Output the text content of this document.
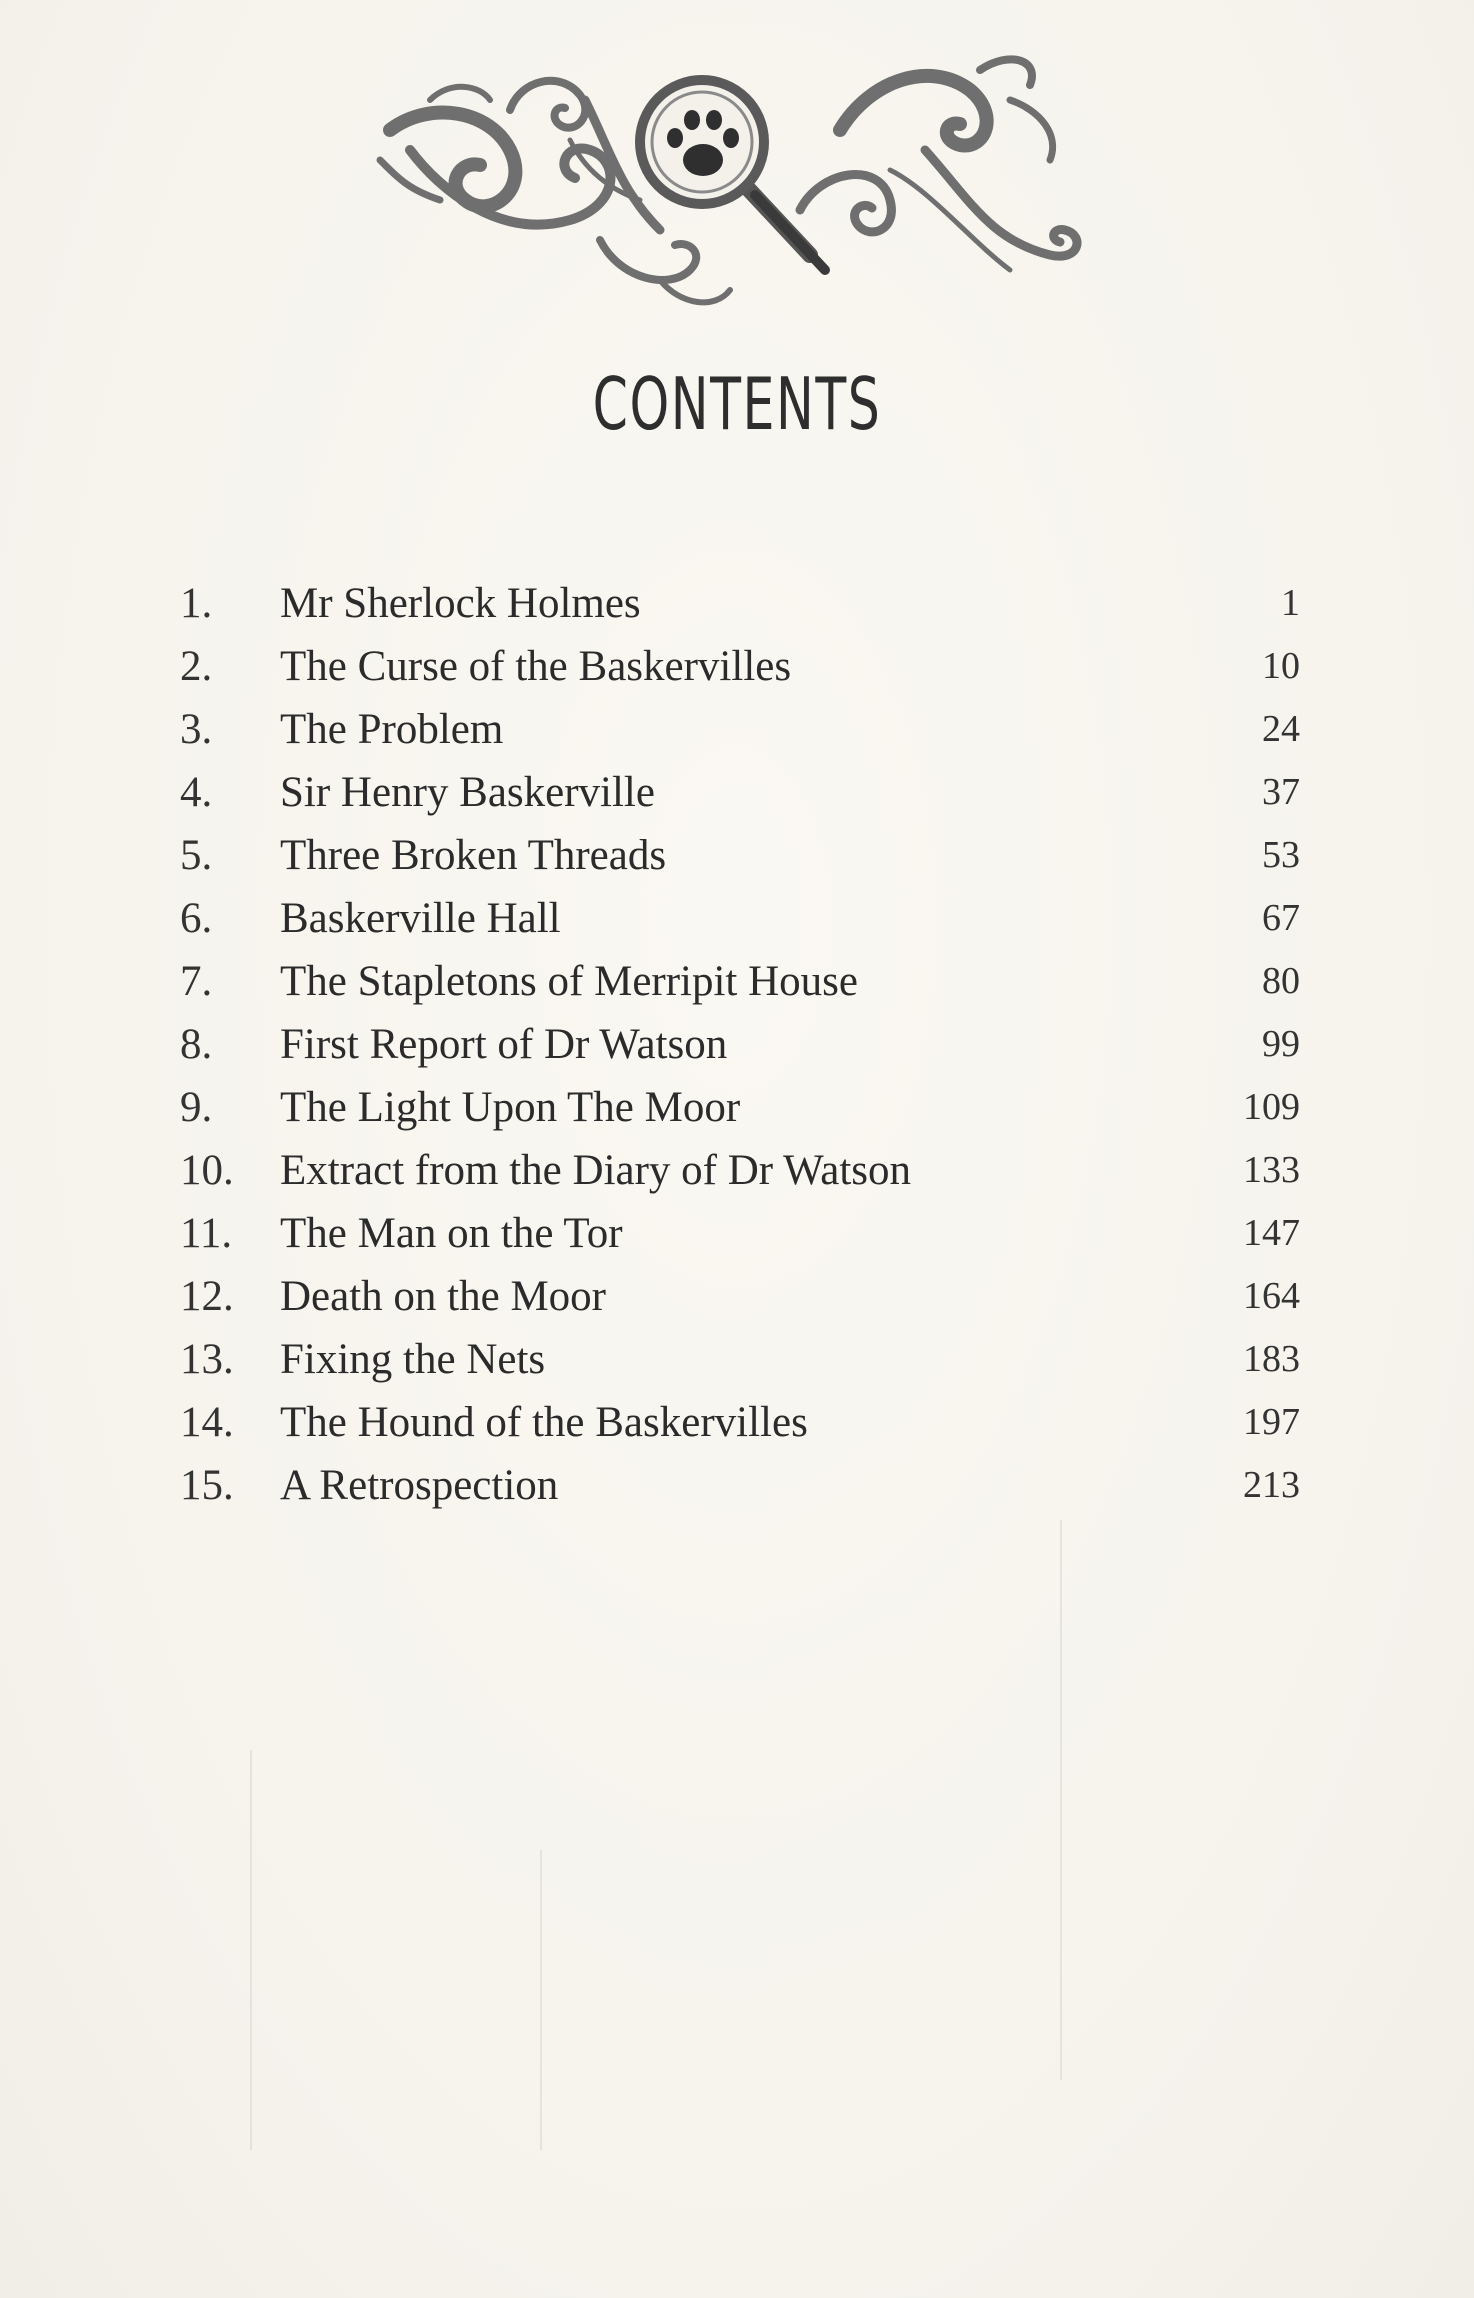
CONTENTS
1.	Mr Sherlock Holmes	1
2.	The Curse of the Baskervilles	10
3.	The Problem	24
4.	Sir Henry Baskerville	37
5.	Three Broken Threads	53
6.	Baskerville Hall	67
7.	The Stapletons of Merripit House	80
8.	First Report of Dr Watson	99
9.	The Light Upon The Moor	109
10.	Extract from the Diary of Dr Watson	133
11.	The Man on the Tor	147
12.	Death on the Moor	164
13.	Fixing the Nets	183
14.	The Hound of the Baskervilles	197
15.	A Retrospection	213
